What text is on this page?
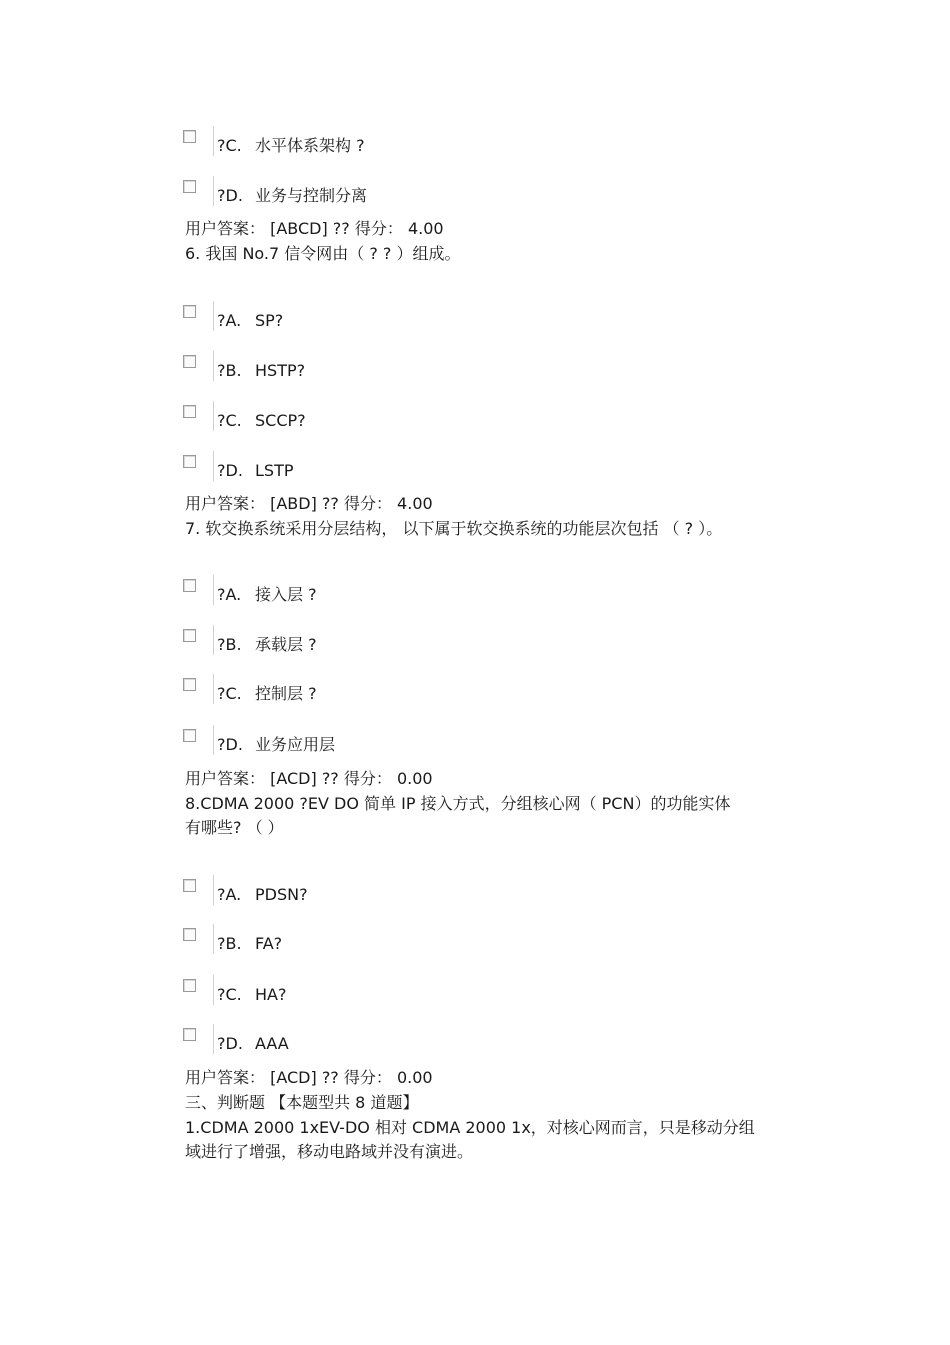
?C. 水平体系架构 ?
?D. 业务与控制分离
用户答案： [ABCD] ?? 得分： 4.00
6. 我国 No.7 信令网由（ ? ? ）组成。
?A. SP?
?B. HSTP?
?C. SCCP?
?D. LSTP
用户答案： [ABD] ?? 得分： 4.00
7. 软交换系统采用分层结构， 以下属于软交换系统的功能层次包括 （ ? ）。
?A. 接入层 ?
?B. 承载层 ?
?C. 控制层 ?
?D. 业务应用层
用户答案： [ACD] ?? 得分： 0.00
8.CDMA 2000 ?EV DO 简单 IP 接入方式，分组核心网（ PCN）的功能实体
有哪些? （ ）
?A. PDSN?
?B. FA?
?C. HA?
?D. AAA
用户答案： [ACD] ?? 得分： 0.00
三、判断题 【本题型共 8 道题】
1.CDMA 2000 1xEV-DO 相对 CDMA 2000 1x，对核心网而言，只是移动分组
域进行了增强，移动电路域并没有演进。
